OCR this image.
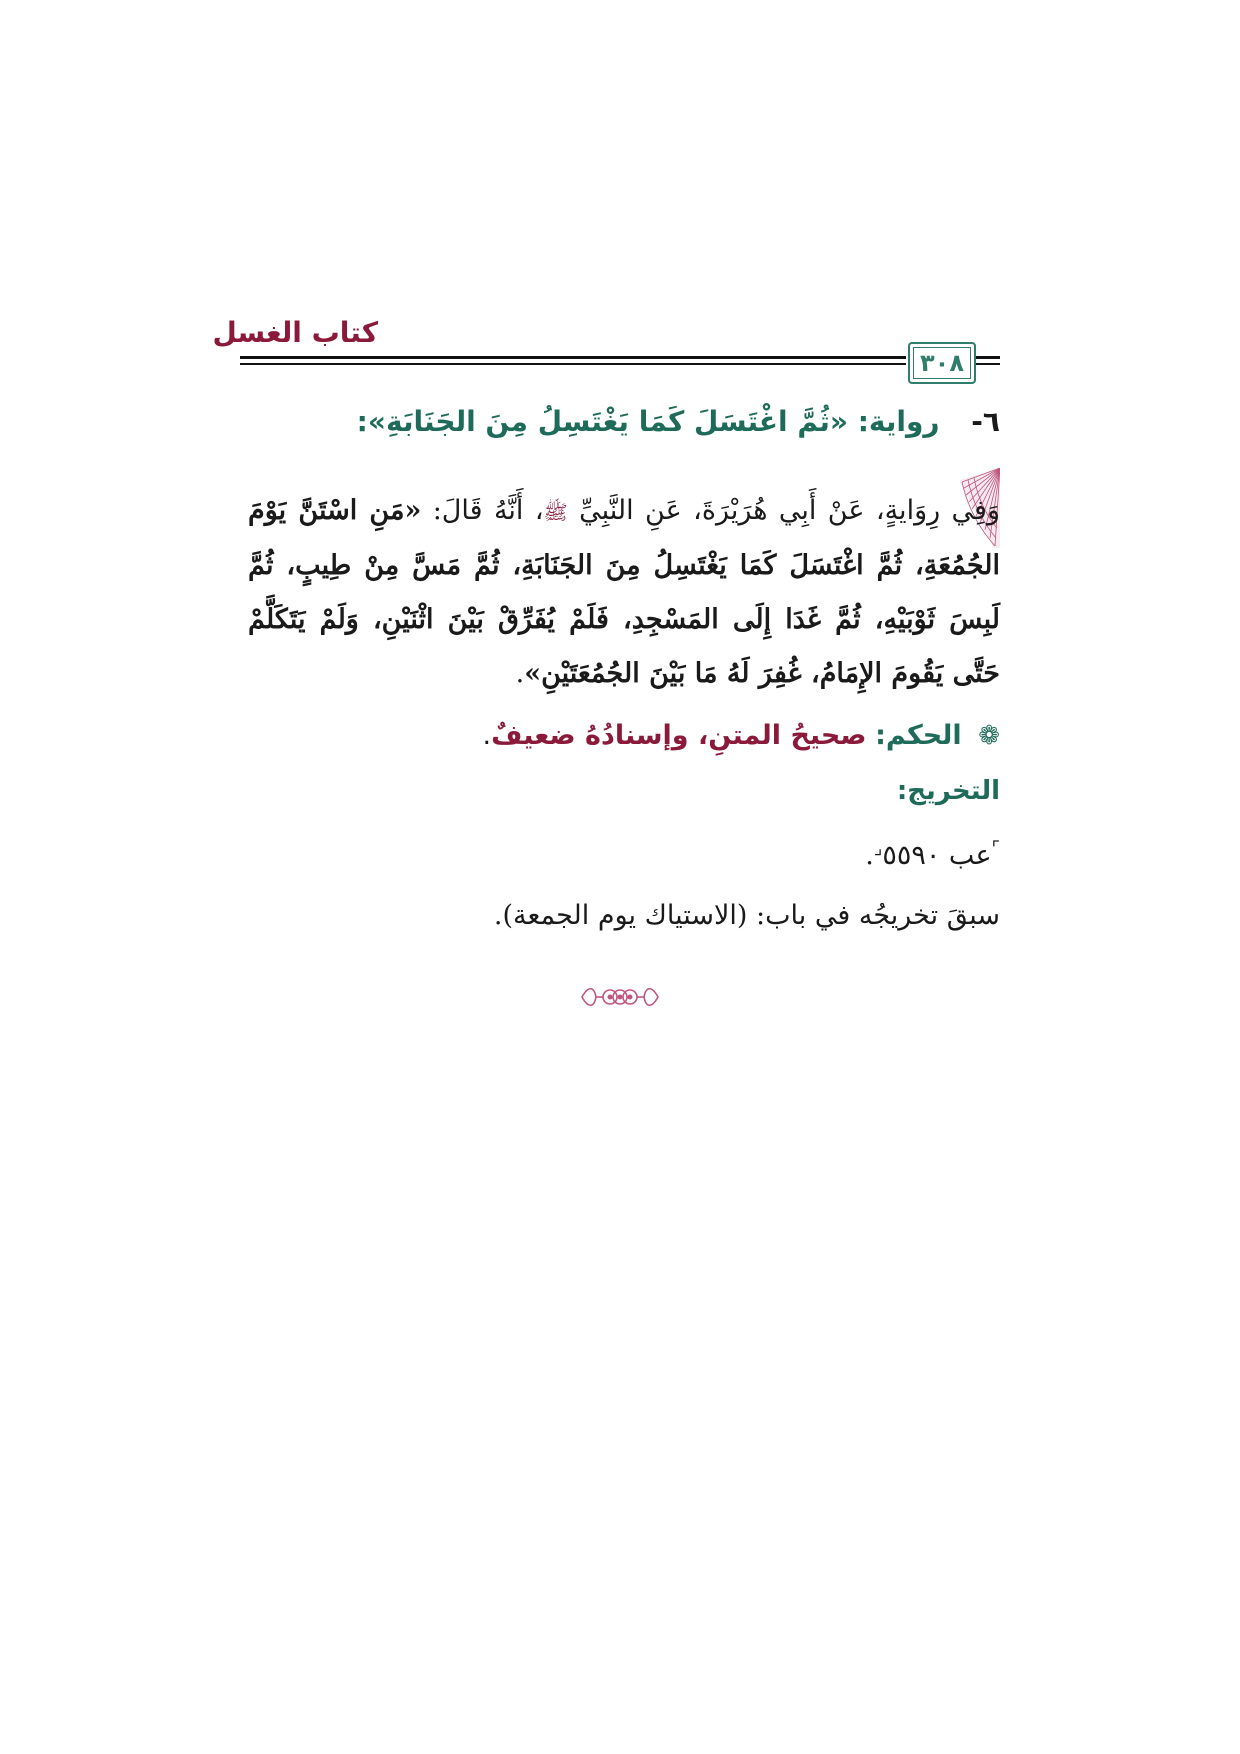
كتاب الغسل
٣٠٨
٦- رواية: «ثُمَّ اغْتَسَلَ كَمَا يَغْتَسِلُ مِنَ الجَنَابَةِ»:
وَفِي رِوَايةٍ، عَنْ أَبِي هُرَيْرَةَ، عَنِ النَّبِيِّ ﷺ، أَنَّهُ قَالَ: «مَنِ اسْتَنَّ يَوْمَ الجُمُعَةِ، ثُمَّ اغْتَسَلَ كَمَا يَغْتَسِلُ مِنَ الجَنَابَةِ، ثُمَّ مَسَّ مِنْ طِيبٍ، ثُمَّ لَبِسَ ثَوْبَيْهِ، ثُمَّ غَدَا إِلَى المَسْجِدِ، فَلَمْ يُفَرِّقْ بَيْنَ اثْنَيْنِ، وَلَمْ يَتَكَلَّمْ حَتَّى يَقُومَ الإِمَامُ، غُفِرَ لَهُ مَا بَيْنَ الجُمُعَتَيْنِ».
❁ الحكم: صحيحُ المتنِ، وإسنادُهُ ضعيفٌ.
التخريج:
⌜عب ٥٥٩٠⌟.
سبقَ تخريجُه في باب: (الاستياك يوم الجمعة).
